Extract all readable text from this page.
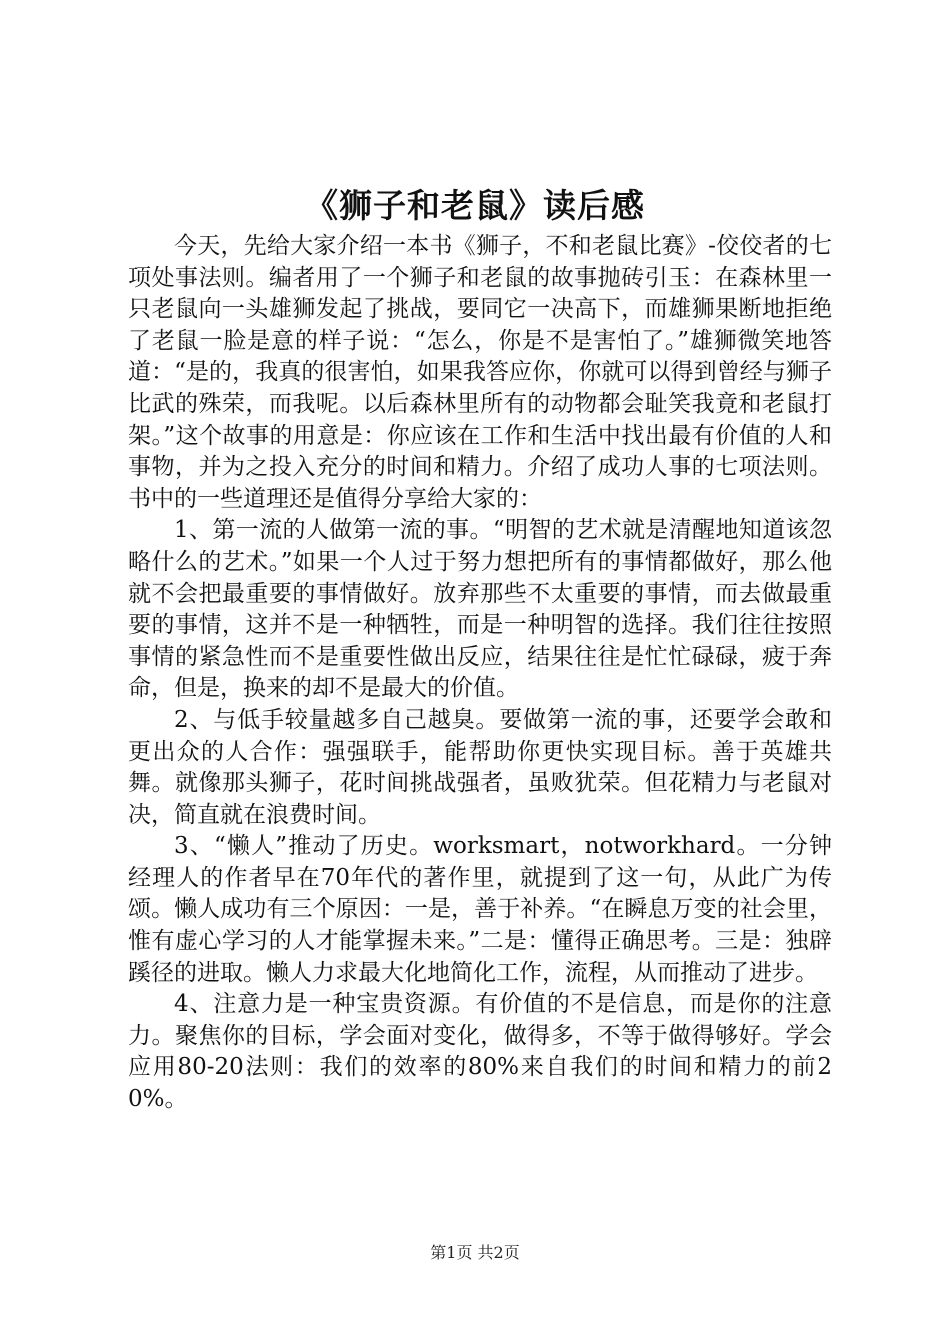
《狮子和老鼠》读后感

今天，先给大家介绍一本书《狮子，不和老鼠比赛》-佼佼者的七项处事法则。编者用了一个狮子和老鼠的故事抛砖引玉：在森林里一只老鼠向一头雄狮发起了挑战，要同它一决高下，而雄狮果断地拒绝了老鼠一脸是意的样子说：“怎么，你是不是害怕了。”雄狮微笑地答道：“是的，我真的很害怕，如果我答应你，你就可以得到曾经与狮子比武的殊荣，而我呢。以后森林里所有的动物都会耻笑我竟和老鼠打架。”这个故事的用意是：你应该在工作和生活中找出最有价值的人和事物，并为之投入充分的时间和精力。介绍了成功人事的七项法则。书中的一些道理还是值得分享给大家的：

1、第一流的人做第一流的事。“明智的艺术就是清醒地知道该忽略什么的艺术。”如果一个人过于努力想把所有的事情都做好，那么他就不会把最重要的事情做好。放弃那些不太重要的事情，而去做最重要的事情，这并不是一种牺牲，而是一种明智的选择。我们往往按照事情的紧急性而不是重要性做出反应，结果往往是忙忙碌碌，疲于奔命，但是，换来的却不是最大的价值。

2、与低手较量越多自己越臭。要做第一流的事，还要学会敢和更出众的人合作：强强联手，能帮助你更快实现目标。善于英雄共舞。就像那头狮子，花时间挑战强者，虽败犹荣。但花精力与老鼠对决，简直就在浪费时间。

3、“懒人”推动了历史。worksmart，notworkhard。一分钟经理人的作者早在70年代的著作里，就提到了这一句，从此广为传颂。懒人成功有三个原因：一是，善于补养。“在瞬息万变的社会里，惟有虚心学习的人才能掌握未来。”二是：懂得正确思考。三是：独辟蹊径的进取。懒人力求最大化地简化工作，流程，从而推动了进步。

4、注意力是一种宝贵资源。有价值的不是信息，而是你的注意力。聚焦你的目标，学会面对变化，做得多，不等于做得够好。学会应用80-20法则：我们的效率的80%来自我们的时间和精力的前20%。

第1页 共2页
